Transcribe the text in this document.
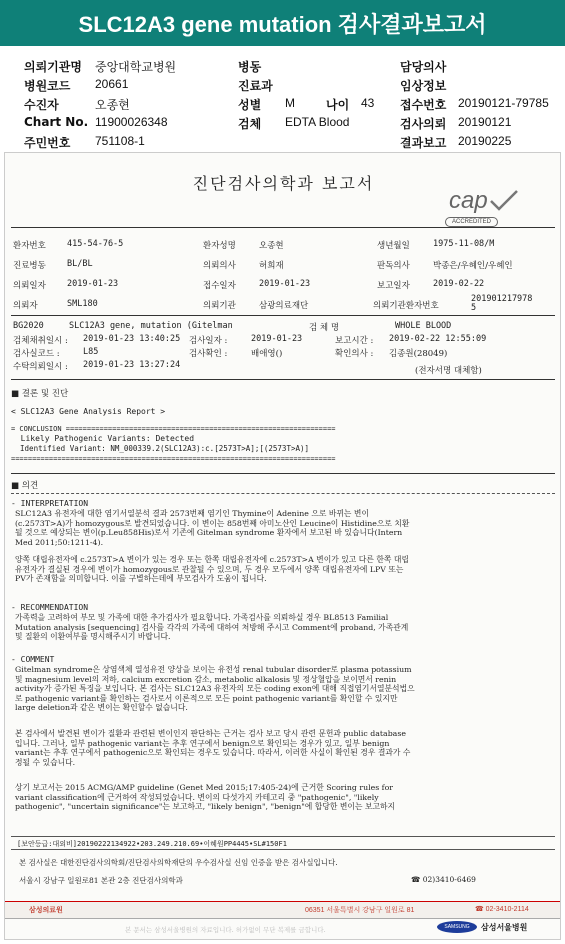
SLC12A3 gene mutation 검사결과보고서
의뢰기관명 중앙대학교병원	병동	담당의사
병원코드 20661	진료과	임상정보
수진자	오종현	성별 M	나이 43 접수번호 20190121-79785
Chart No. 11900026348	검체 EDTA Blood	검사의뢰 20190121
주민번호 751108-1	결과보고 20190225
진단검사의학과 보고서
cap
ACCREDITED
환자번호 415-54-76-5	환자성명	오종현	생년월일	1975-11-08/M
진료병동 BL/BL	의뢰의사	허희재	판독의사	박종은/우혜인/우혜인
의뢰일자 2019-01-23	접수일자	2019-01-23	보고일자	2019-02-22
의뢰자	SML180	의뢰기관	삼광의료재단	의뢰기관환자번호
201901217978 5
BG2020	SLC12A3 gene, mutation (Gitelman	검 체 명	WHOLE BLOOD
검체채취일시 : 2019-01-23 13:40:25 검사일자 :	2019-01-23	보고시간 : 2019-02-22 12:55:09
검사실코드 :	L85	검사확인 :	배애영()	확인의사 : 김종원(28049)
수탁의뢰일시 : 2019-01-23 13:27:24
(전자서명 대체함)
■ 결론 및 진단
< SLC12A3 Gene Analysis Report >
= CONCLUSION ================================================================
Likely Pathogenic Variants: Detected
Identified Variant: NM_000339.2(SLC12A3):c.[2573T>A];[(2573T>A)]
=============================================================================
■ 의견
- INTERPRETATION
SLC12A3 유전자에 대한 염기서열분석 결과 2573번째 염기인 Thymine이 Adenine 으로 바뀌는 변이(c.2573T>A)가 homozygous로 발견되었습니다. 이 변이는 858번째 아미노산인 Leucine이 Histidine으로 치환될 것으로 예상되는 변이(p.Leu858His)로서 기존에 Gitelman syndrome 환자에서 보고된 바 있습니다(Intern Med 2011;50:1211-4).
양쪽 대립유전자에 c.2573T>A 변이가 있는 경우 또는 한쪽 대립유전자에 c.2573T>A 변이가 있고 다른 한쪽 대립유전자가 결실된 경우에 변이가 homozygous로 관찰될 수 있으며, 두 경우 모두에서 양쪽 대립유전자에 LPV 또는 PV가 존재함을 의미합니다. 이를 구별하는데에 부모검사가 도움이 됩니다.
- RECOMMENDATION
가족력을 고려하여 부모 및 가족에 대한 추가검사가 필요합니다. 가족검사를 의뢰하실 경우 BL8513 Familial Mutation analysis [sequencing] 검사를 각각의 가족에 대하여 처방해 주시고 Comment에 proband, 가족관계 및 질환의 이환여부를 명시해주시기 바랍니다.
- COMMENT
Gitelman syndrome은 상염색체 열성유전 양상을 보이는 유전성 renal tubular disorder로 plasma potassium 및 magnesium level의 저하, calcium excretion 감소, metabolic alkalosis 및 정상혈압을 보이면서 renin activity가 증가된 특징을 보입니다. 본 검사는 SLC12A3 유전자의 모든 coding exon에 대해 직접염기서열분석법으로 pathogenic variant를 확인하는 검사로서 이론적으로 모든 point pathogenic variant를 확인할 수 있지만 large deletion과 같은 변이는 확인할수 없습니다.
본 검사에서 발견된 변이가 질환과 관련된 변이인지 판단하는 근거는 검사 보고 당시 관련 문헌과 public database 입니다. 그러나, 일부 pathogenic variant는 추후 연구에서 benign으로 확인되는 경우가 있고, 일부 benign variant는 추후 연구에서 pathogenic으로 확인되는 경우도 있습니다. 따라서, 이러한 사실이 확인된 경우 결과가 수정될 수 있습니다.
상기 보고서는 2015 ACMG/AMP guideline (Genet Med 2015;17:405-24)에 근거한 Scoring rules for variant classification에 근거하여 작성되었습니다. 변이의 다섯가지 카테고리 중 "pathogenic", "likely pathogenic", "uncertain significance"는 보고하고, "likely benign", "benign"에 합당한 변이는 보고하지
[보안등급:대외비]20190222134922•203.249.210.69•이혜원PP4445•SL#150F1
본 검사실은 대한진단검사의학회/진단검사의학재단의 우수검사실 신임 인증을 받은 검사실입니다.
서울시 강남구 일원로81 본관 2층 진단검사의학과	☎ 02)3410-6469
삼성의료원	06351 서울특별시 강남구 일원로 81	☎ 02-3410-2114
본 문서는 삼성서울병원의 자료입니다. 허가없이 무단 복제를 금합니다.	SAMSUNG	삼성서울병원
